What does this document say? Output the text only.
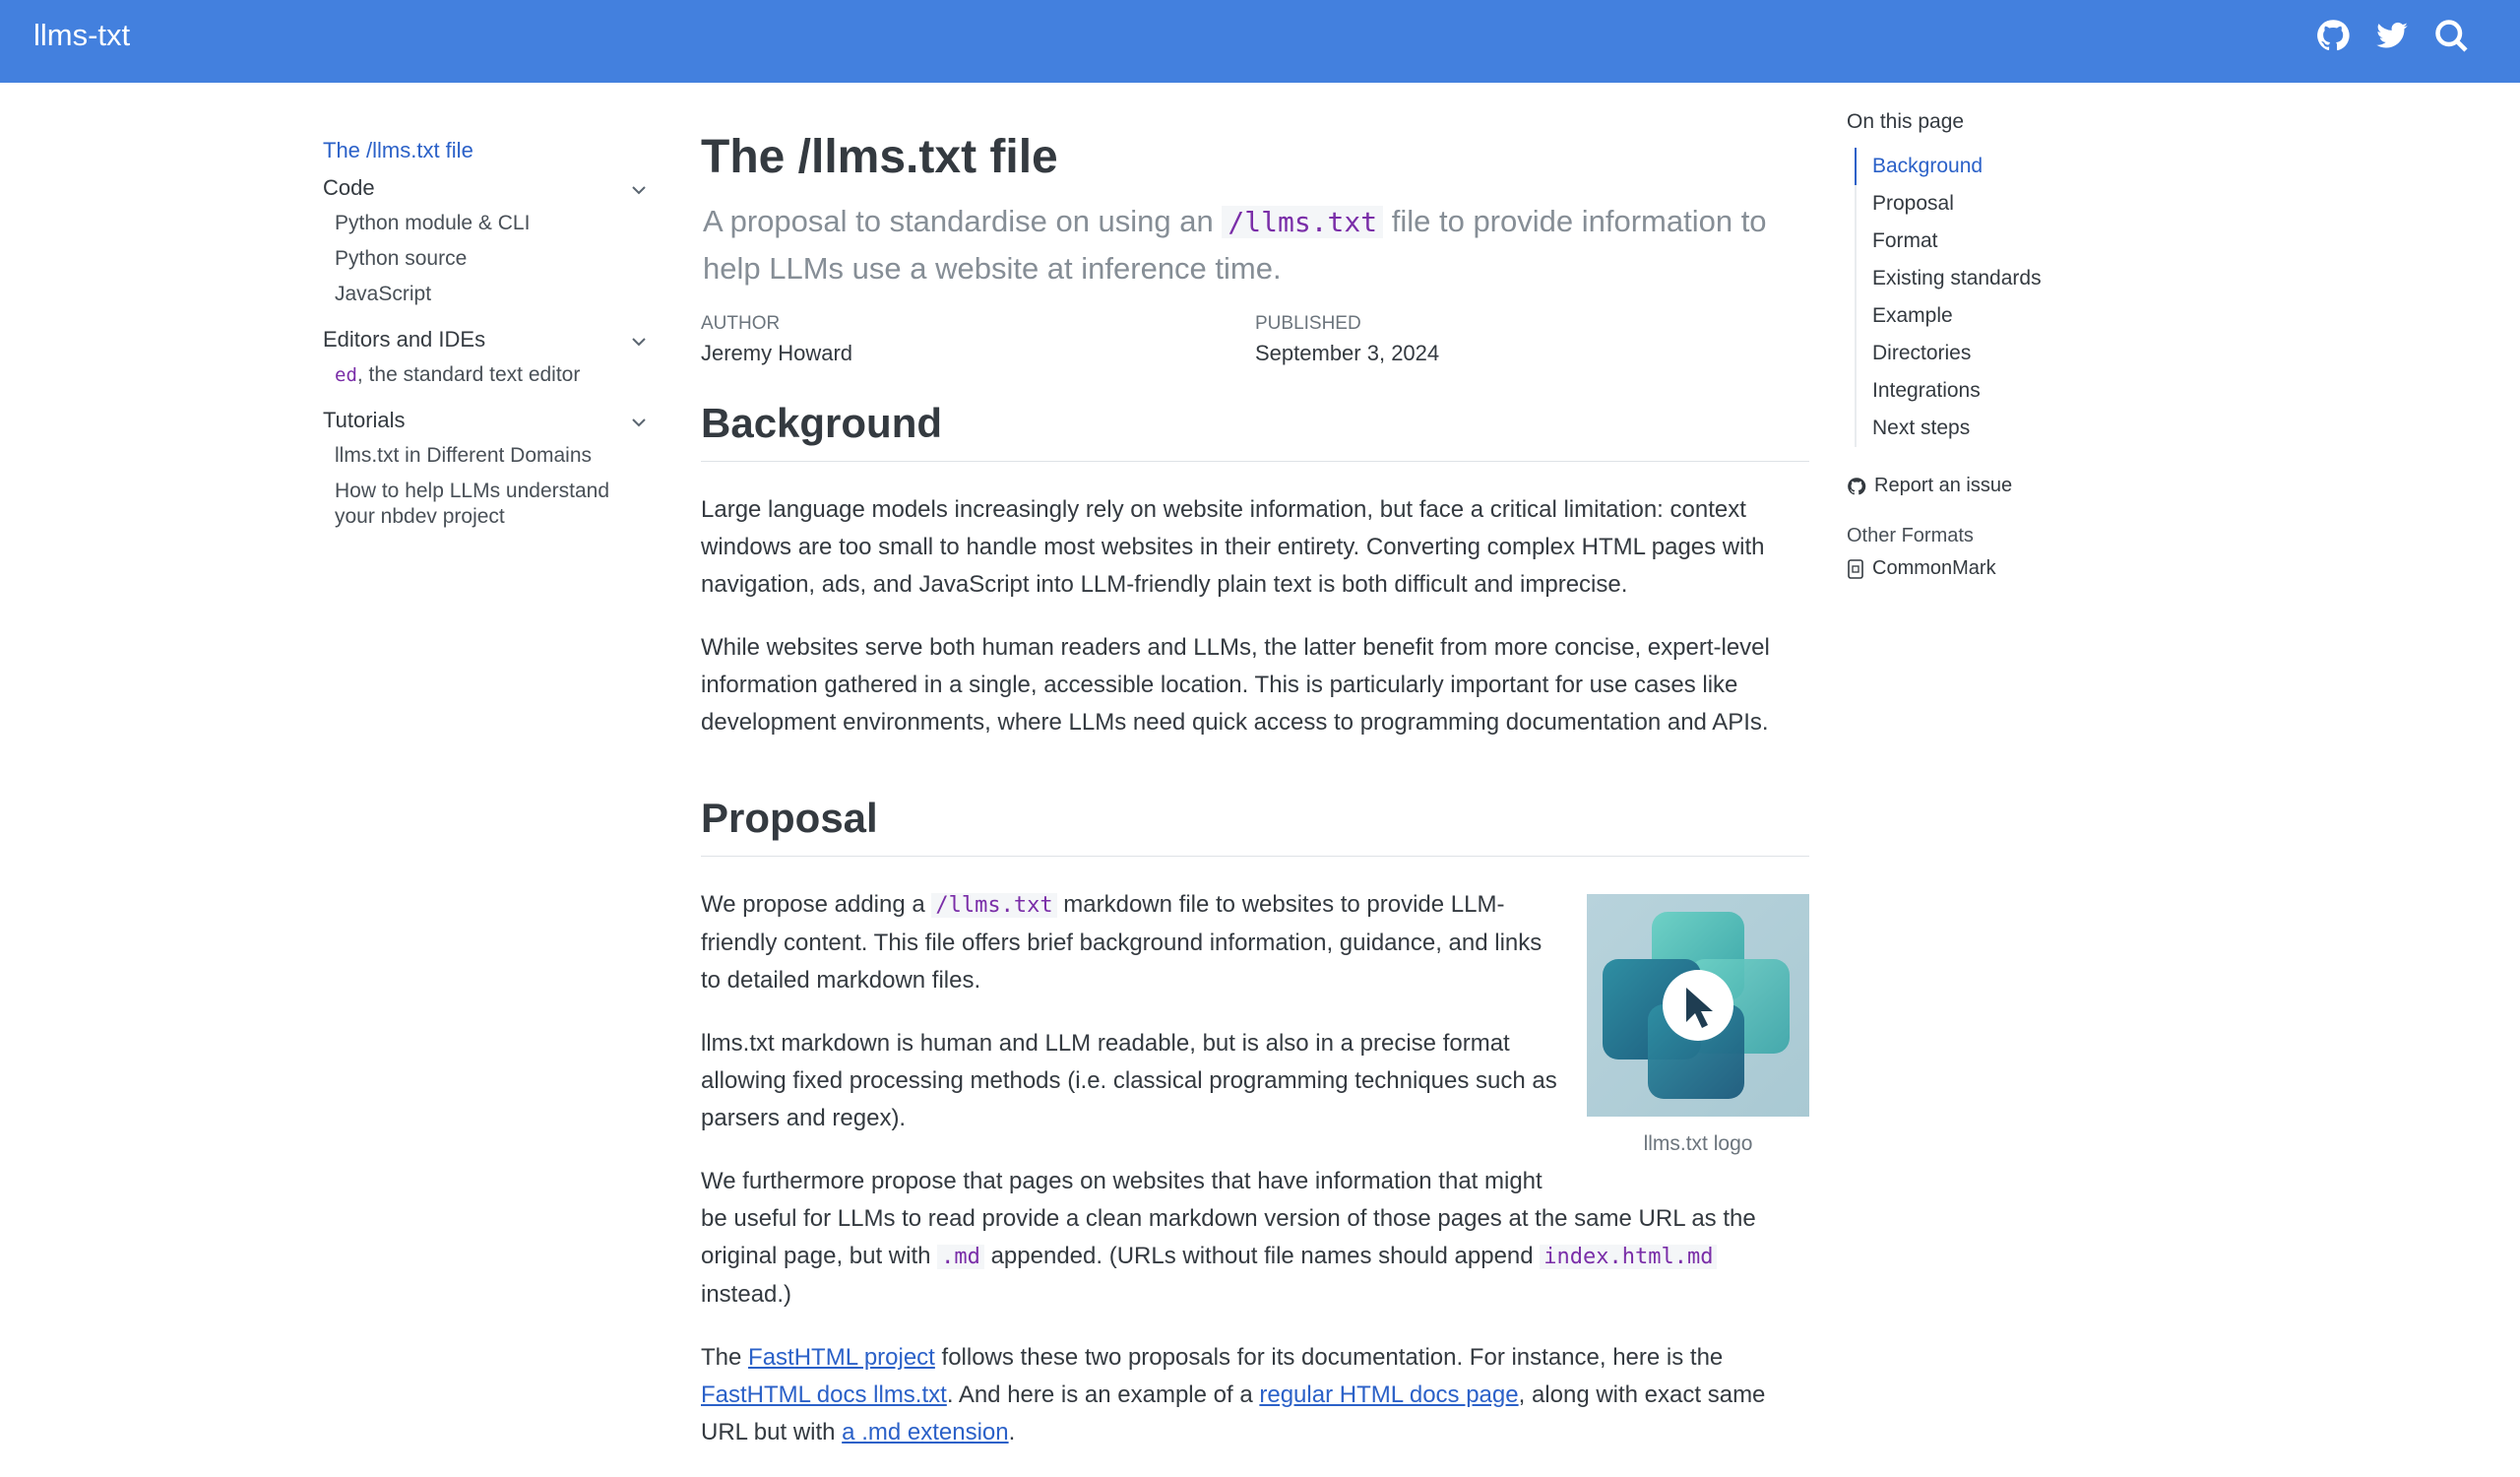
llms-txt
The /llms.txt file
Code
Python module & CLI
Python source
JavaScript
Editors and IDEs
ed, the standard text editor
Tutorials
llms.txt in Different Domains
How to help LLMs understand your nbdev project
The /llms.txt file
A proposal to standardise on using an /llms.txt file to provide information to help LLMs use a website at inference time.
AUTHOR
Jeremy Howard
PUBLISHED
September 3, 2024
Background

Large language models increasingly rely on website information, but face a critical limitation: context windows are too small to handle most websites in their entirety. Converting complex HTML pages with navigation, ads, and JavaScript into LLM-friendly plain text is both difficult and imprecise.

While websites serve both human readers and LLMs, the latter benefit from more concise, expert-level information gathered in a single, accessible location. This is particularly important for use cases like development environments, where LLMs need quick access to programming documentation and APIs.

Proposal
llms.txt logo

We propose adding a /llms.txt markdown file to websites to provide LLM-friendly content. This file offers brief background information, guidance, and links to detailed markdown files.

llms.txt markdown is human and LLM readable, but is also in a precise format allowing fixed processing methods (i.e. classical programming techniques such as parsers and regex).

We furthermore propose that pages on websites that have information that might be useful for LLMs to read provide a clean markdown version of those pages at the same URL as the original page, but with .md appended. (URLs without file names should append index.html.md instead.)

The FastHTML project follows these two proposals for its documentation. For instance, here is the FastHTML docs llms.txt. And here is an example of a regular HTML docs page, along with exact same URL but with a .md extension.

On this page
Background
Proposal
Format
Existing standards
Example
Directories
Integrations
Next steps
Report an issue
Other Formats
CommonMark
